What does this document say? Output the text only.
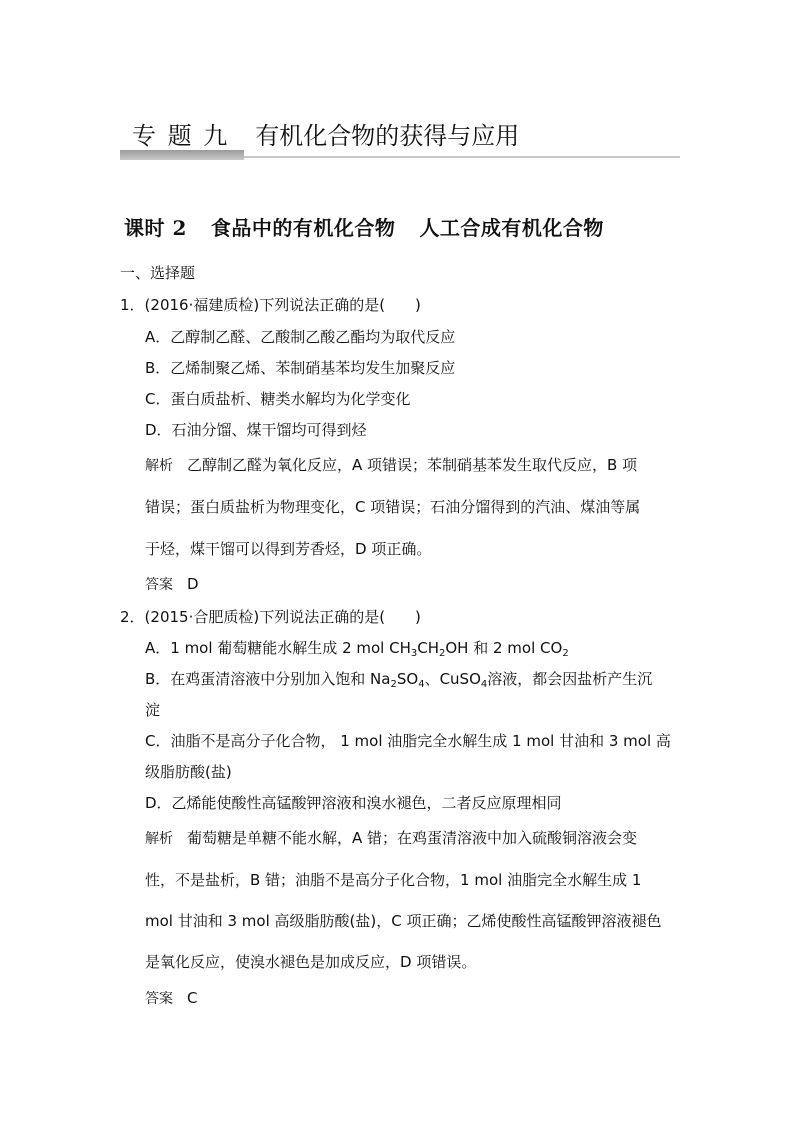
专 题 九 有机化合物的获得与应用
课时 2 食品中的有机化合物 人工合成有机化合物
一、选择题
1．(2016·福建质检)下列说法正确的是(　　)
A．乙醇制乙醛、乙酸制乙酸乙酯均为取代反应
B．乙烯制聚乙烯、苯制硝基苯均发生加聚反应
C．蛋白质盐析、糖类水解均为化学变化
D．石油分馏、煤干馏均可得到烃
解析 乙醇制乙醛为氧化反应，A 项错误；苯制硝基苯发生取代反应，B 项
错误；蛋白质盐析为物理变化，C 项错误；石油分馏得到的汽油、煤油等属
于烃，煤干馏可以得到芳香烃，D 项正确。
答案 D
2．(2015·合肥质检)下列说法正确的是(　　)
A．1 mol 葡萄糖能水解生成 2 mol $CH_3CH_2OH$ 和 2 mol $CO_2$
B．在鸡蛋清溶液中分别加入饱和 $Na_2SO_4$、CuSO$_4$溶液，都会因盐析产生沉
淀
C．油脂不是高分子化合物， 1 mol 油脂完全水解生成 1 mol 甘油和 3 mol 高
级脂肪酸(盐)
D．乙烯能使酸性高锰酸钾溶液和溴水褪色，二者反应原理相同
解析 葡萄糖是单糖不能水解，A 错；在鸡蛋清溶液中加入硫酸铜溶液会变
性，不是盐析，B 错；油脂不是高分子化合物，1 mol 油脂完全水解生成 1
mol 甘油和 3 mol 高级脂肪酸(盐)，C 项正确；乙烯使酸性高锰酸钾溶液褪色
是氧化反应，使溴水褪色是加成反应，D 项错误。
答案 C
